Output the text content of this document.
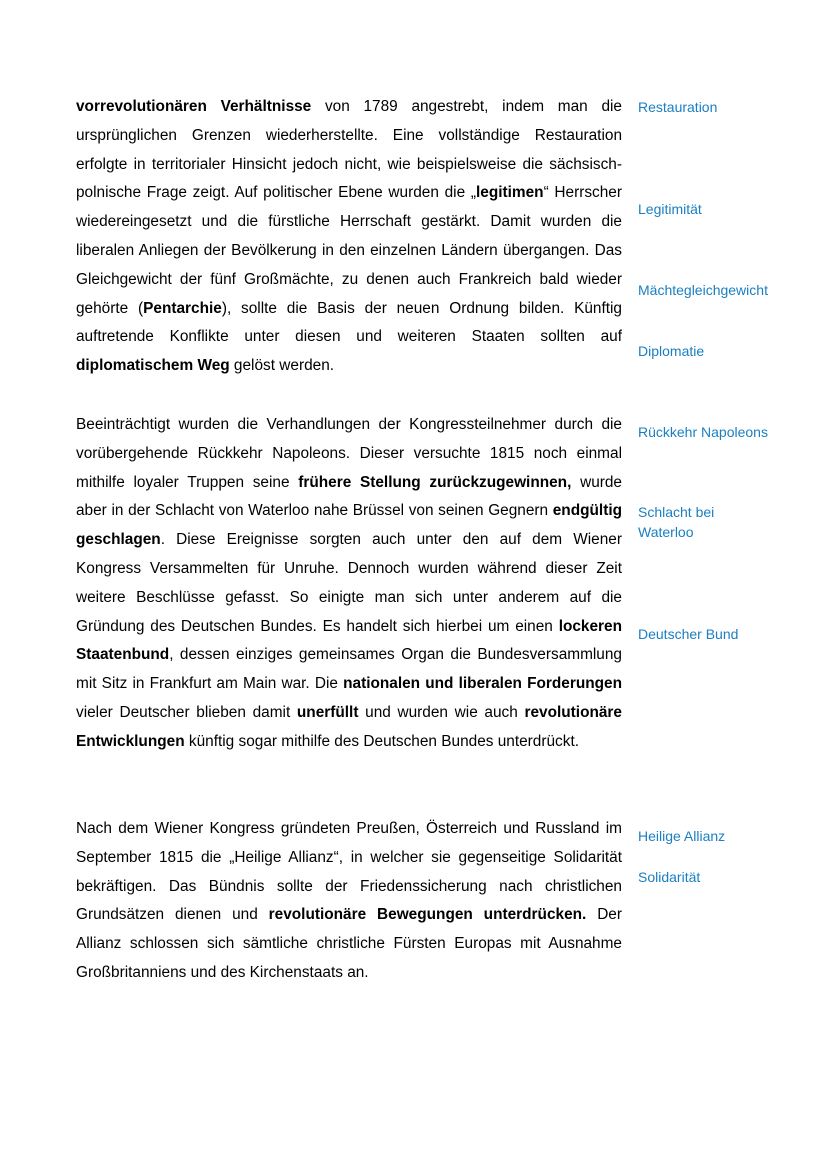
vorrevolutionären Verhältnisse von 1789 angestrebt, indem man die ursprünglichen Grenzen wiederherstellte. Eine vollständige Restauration erfolgte in territorialer Hinsicht jedoch nicht, wie beispielsweise die sächsisch-polnische Frage zeigt. Auf politischer Ebene wurden die „legitimen“ Herrscher wiedereingesetzt und die fürstliche Herrschaft gestärkt. Damit wurden die liberalen Anliegen der Bevölkerung in den einzelnen Ländern übergangen. Das Gleichgewicht der fünf Großmächte, zu denen auch Frankreich bald wieder gehörte (Pentarchie), sollte die Basis der neuen Ordnung bilden. Künftig auftretende Konflikte unter diesen und weiteren Staaten sollten auf diplomatischem Weg gelöst werden.

Beeinträchtigt wurden die Verhandlungen der Kongressteilnehmer durch die vorübergehende Rückkehr Napoleons. Dieser versuchte 1815 noch einmal mithilfe loyaler Truppen seine frühere Stellung zurückzugewinnen, wurde aber in der Schlacht von Waterloo nahe Brüssel von seinen Gegnern endgültig geschlagen. Diese Ereignisse sorgten auch unter den auf dem Wiener Kongress Versammelten für Unruhe. Dennoch wurden während dieser Zeit weitere Beschlüsse gefasst. So einigte man sich unter anderem auf die Gründung des Deutschen Bundes. Es handelt sich hierbei um einen lockeren Staatenbund, dessen einziges gemeinsames Organ die Bundesversammlung mit Sitz in Frankfurt am Main war. Die nationalen und liberalen Forderungen vieler Deutscher blieben damit unerfüllt und wurden wie auch revolutionäre Entwicklungen künftig sogar mithilfe des Deutschen Bundes unterdrückt.

Nach dem Wiener Kongress gründeten Preußen, Österreich und Russland im September 1815 die „Heilige Allianz“, in welcher sie gegenseitige Solidarität bekräftigen. Das Bündnis sollte der Friedenssicherung nach christlichen Grundsätzen dienen und revolutionäre Bewegungen unterdrücken. Der Allianz schlossen sich sämtliche christliche Fürsten Europas mit Ausnahme Großbritanniens und des Kirchenstaats an.

Restauration

Legitimität

Mächtegleichgewicht

Diplomatie

Rückkehr Napoleons

Schlacht bei Waterloo

Deutscher Bund

Heilige Allianz

Solidarität
